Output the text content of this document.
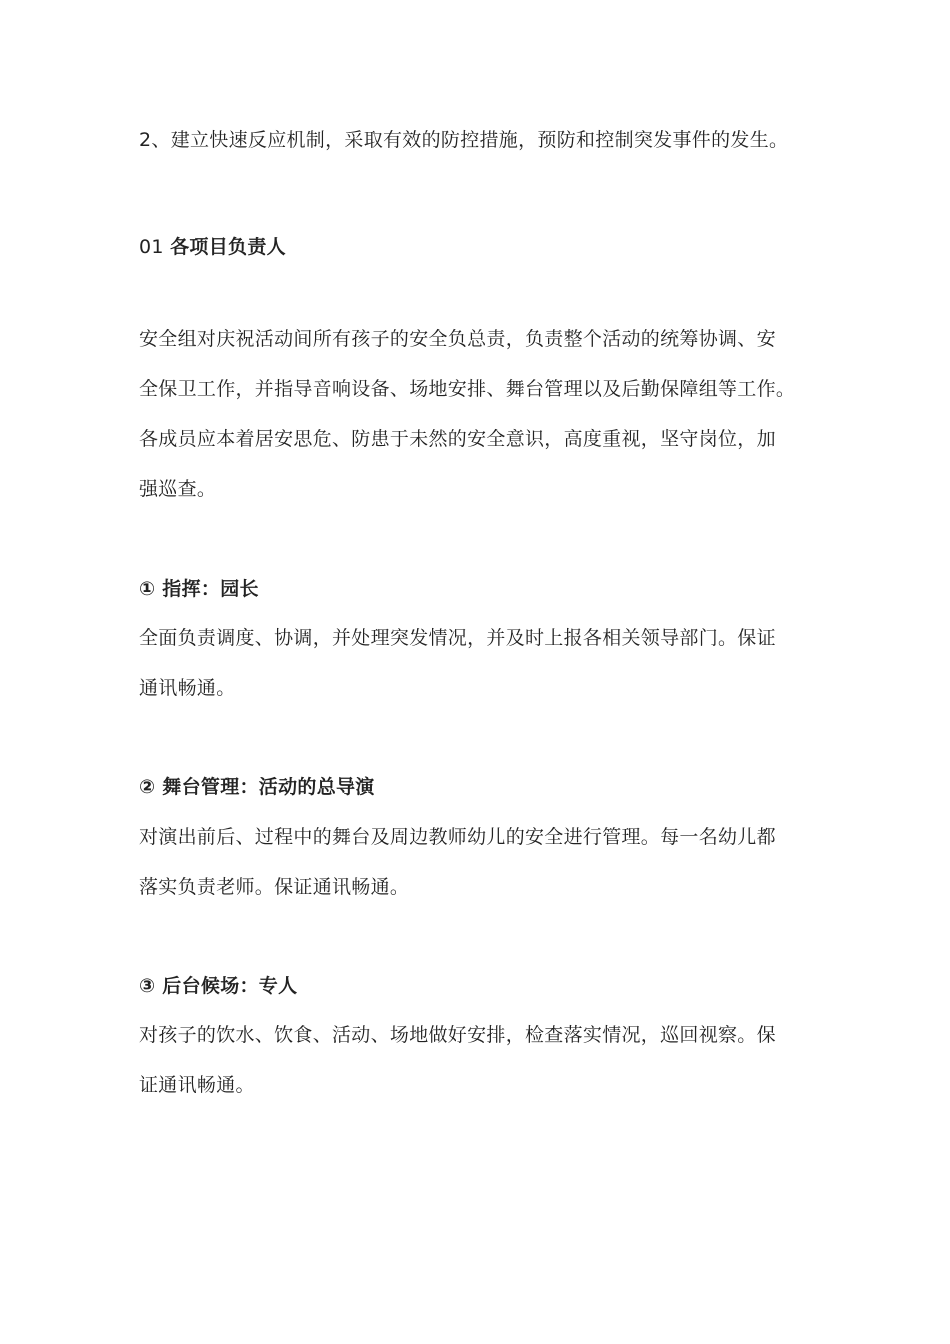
2、建立快速反应机制，采取有效的防控措施，预防和控制突发事件的发生。
01 各项目负责人
安全组对庆祝活动间所有孩子的安全负总责，负责整个活动的统筹协调、安
全保卫工作，并指导音响设备、场地安排、舞台管理以及后勤保障组等工作。
各成员应本着居安思危、防患于未然的安全意识，高度重视，坚守岗位，加
强巡查。
① 指挥：园长
全面负责调度、协调，并处理突发情况，并及时上报各相关领导部门。保证
通讯畅通。
② 舞台管理：活动的总导演
对演出前后、过程中的舞台及周边教师幼儿的安全进行管理。每一名幼儿都
落实负责老师。保证通讯畅通。
③ 后台候场：专人
对孩子的饮水、饮食、活动、场地做好安排，检查落实情况，巡回视察。保
证通讯畅通。
